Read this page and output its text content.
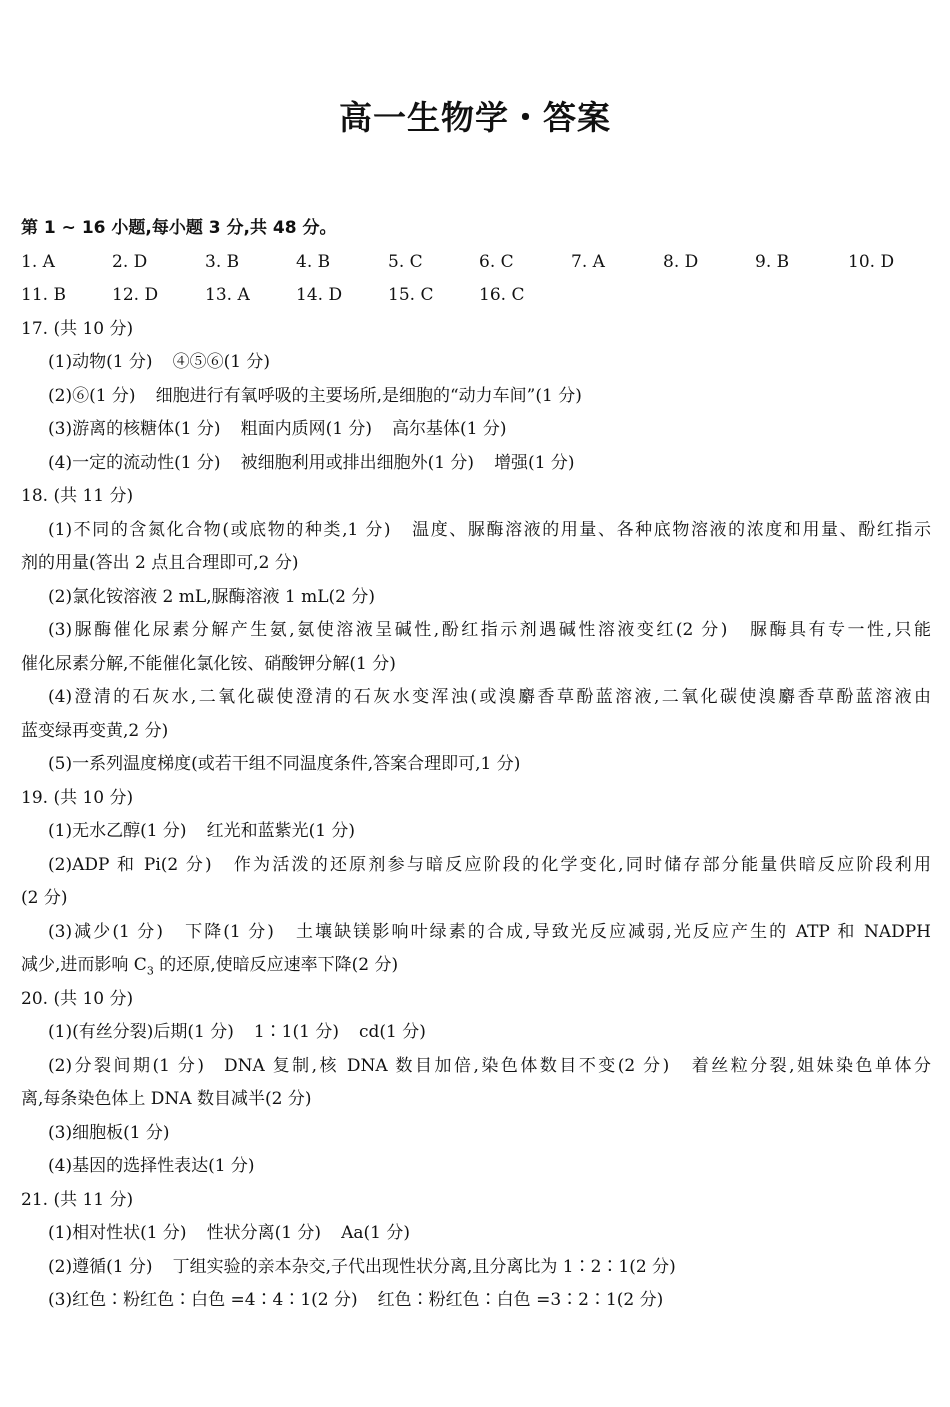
高一生物学・答案
第 1 ~ 16 小题,每小题 3 分,共 48 分。
1. A	2. D	3. B	4. B	5. C	6. C	7. A	8. D	9. B	10. D
11. B	12. D	13. A	14. D	15. C	16. C
17. (共 10 分)
(1)动物(1 分) ④⑤⑥(1 分)
(2)⑥(1 分) 细胞进行有氧呼吸的主要场所,是细胞的“动力车间”(1 分)
(3)游离的核糖体(1 分) 粗面内质网(1 分) 高尔基体(1 分)
(4)一定的流动性(1 分) 被细胞利用或排出细胞外(1 分) 增强(1 分)
18. (共 11 分)
(1)不同的含氮化合物(或底物的种类,1 分) 温度、脲酶溶液的用量、各种底物溶液的浓度和用量、酚红指示
剂的用量(答出 2 点且合理即可,2 分)
(2)氯化铵溶液 2 mL,脲酶溶液 1 mL(2 分)
(3)脲酶催化尿素分解产生氨,氨使溶液呈碱性,酚红指示剂遇碱性溶液变红(2 分) 脲酶具有专一性,只能
催化尿素分解,不能催化氯化铵、硝酸钾分解(1 分)
(4)澄清的石灰水,二氧化碳使澄清的石灰水变浑浊(或溴麝香草酚蓝溶液,二氧化碳使溴麝香草酚蓝溶液由
蓝变绿再变黄,2 分)
(5)一系列温度梯度(或若干组不同温度条件,答案合理即可,1 分)
19. (共 10 分)
(1)无水乙醇(1 分) 红光和蓝紫光(1 分)
(2)ADP 和 Pi(2 分) 作为活泼的还原剂参与暗反应阶段的化学变化,同时储存部分能量供暗反应阶段利用
(2 分)
(3)减少(1 分) 下降(1 分) 土壤缺镁影响叶绿素的合成,导致光反应减弱,光反应产生的 ATP 和 NADPH
减少,进而影响 $C_3$ 的还原,使暗反应速率下降(2 分)
20. (共 10 分)
(1)(有丝分裂)后期(1 分) 1∶1(1 分) cd(1 分)
(2)分裂间期(1 分) DNA 复制,核 DNA 数目加倍,染色体数目不变(2 分) 着丝粒分裂,姐妹染色单体分
离,每条染色体上 DNA 数目减半(2 分)
(3)细胞板(1 分)
(4)基因的选择性表达(1 分)
21. (共 11 分)
(1)相对性状(1 分) 性状分离(1 分) Aa(1 分)
(2)遵循(1 分) 丁组实验的亲本杂交,子代出现性状分离,且分离比为 1∶2∶1(2 分)
(3)红色∶粉红色∶白色 =4∶4∶1(2 分) 红色∶粉红色∶白色 =3∶2∶1(2 分)
